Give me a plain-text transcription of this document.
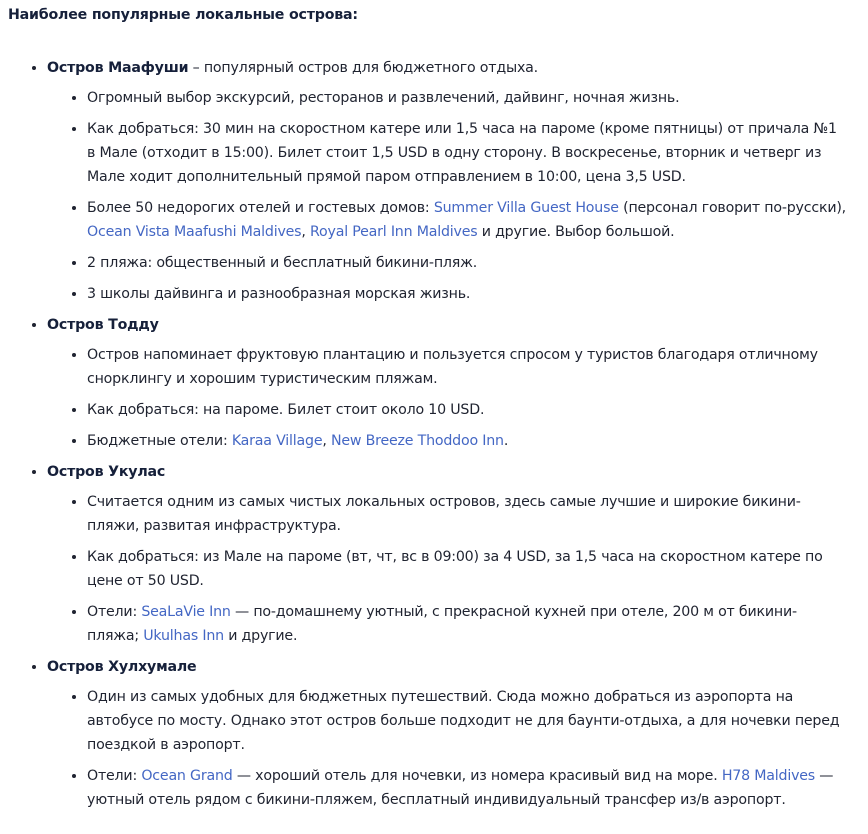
Наиболее популярные локальные острова:
• Остров Маафуши – популярный остров для бюджетного отдыха.
• Огромный выбор экскурсий, ресторанов и развлечений, дайвинг, ночная жизнь.
• Как добраться: 30 мин на скоростном катере или 1,5 часа на пароме (кроме пятницы) от причала №1 в Мале (отходит в 15:00). Билет стоит 1,5 USD в одну сторону. В воскресенье, вторник и четверг из Мале ходит дополнительный прямой паром отправлением в 10:00, цена 3,5 USD.
• Более 50 недорогих отелей и гостевых домов: Summer Villa Guest House (персонал говорит по-русски), Ocean Vista Maafushi Maldives, Royal Pearl Inn Maldives и другие. Выбор большой.
• 2 пляжа: общественный и бесплатный бикини-пляж.
• 3 школы дайвинга и разнообразная морская жизнь.
• Остров Тодду
• Остров напоминает фруктовую плантацию и пользуется спросом у туристов благодаря отличному снорклингу и хорошим туристическим пляжам.
• Как добраться: на пароме. Билет стоит около 10 USD.
• Бюджетные отели: Karaa Village, New Breeze Thoddoo Inn.
• Остров Укулас
• Считается одним из самых чистых локальных островов, здесь самые лучшие и широкие бикини-пляжи, развитая инфраструктура.
• Как добраться: из Мале на пароме (вт, чт, вс в 09:00) за 4 USD, за 1,5 часа на скоростном катере по цене от 50 USD.
• Отели: SeaLaVie Inn — по-домашнему уютный, с прекрасной кухней при отеле, 200 м от бикини-пляжа; Ukulhas Inn и другие.
• Остров Хулхумале
• Один из самых удобных для бюджетных путешествий. Сюда можно добраться из аэропорта на автобусе по мосту. Однако этот остров больше подходит не для баунти-отдыха, а для ночевки перед поездкой в аэропорт.
• Отели: Ocean Grand — хороший отель для ночевки, из номера красивый вид на море. H78 Maldives — уютный отель рядом с бикини-пляжем, бесплатный индивидуальный трансфер из/в аэропорт.
